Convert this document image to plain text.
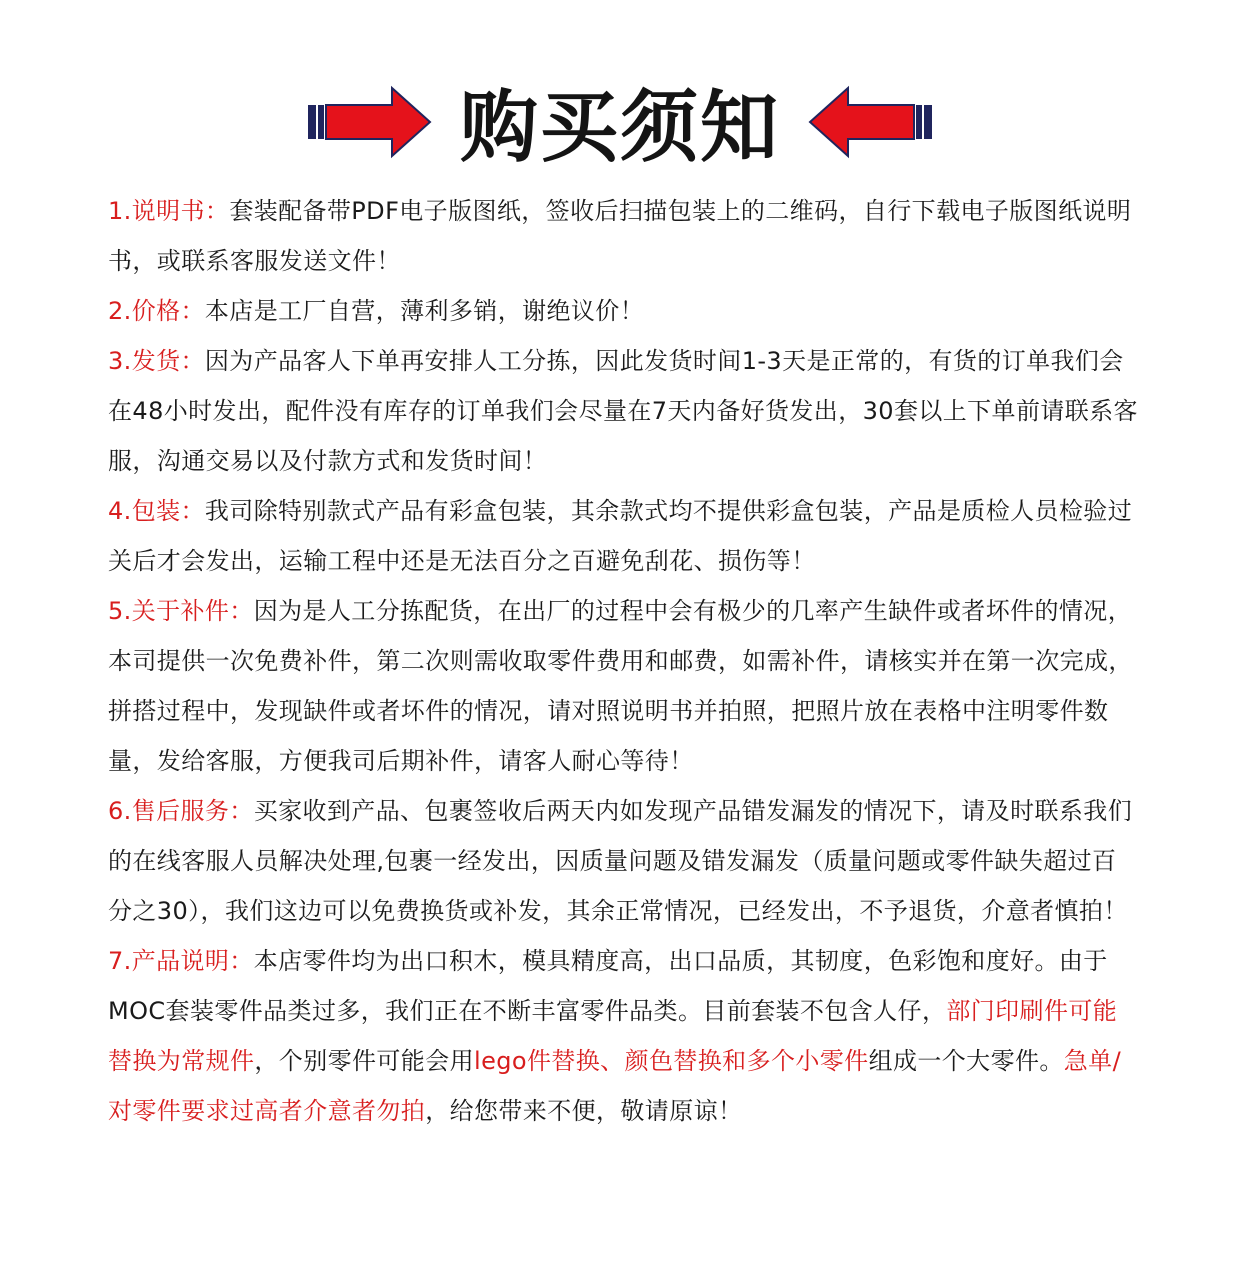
购买须知

1.说明书：套装配备带PDF电子版图纸，签收后扫描包装上的二维码，自行下载电子版图纸说明书，或联系客服发送文件！

2.价格：本店是工厂自营，薄利多销，谢绝议价！

3.发货：因为产品客人下单再安排人工分拣，因此发货时间1-3天是正常的，有货的订单我们会在48小时发出，配件没有库存的订单我们会尽量在7天内备好货发出，30套以上下单前请联系客服，沟通交易以及付款方式和发货时间！

4.包装：我司除特别款式产品有彩盒包装，其余款式均不提供彩盒包装，产品是质检人员检验过关后才会发出，运输工程中还是无法百分之百避免刮花、损伤等！

5.关于补件：因为是人工分拣配货，在出厂的过程中会有极少的几率产生缺件或者坏件的情况，本司提供一次免费补件，第二次则需收取零件费用和邮费，如需补件，请核实并在第一次完成，拼搭过程中，发现缺件或者坏件的情况，请对照说明书并拍照，把照片放在表格中注明零件数量，发给客服，方便我司后期补件，请客人耐心等待！

6.售后服务：买家收到产品、包裹签收后两天内如发现产品错发漏发的情况下，请及时联系我们的在线客服人员解决处理,包裹一经发出，因质量问题及错发漏发（质量问题或零件缺失超过百分之30），我们这边可以免费换货或补发，其余正常情况，已经发出，不予退货，介意者慎拍！

7.产品说明：本店零件均为出口积木，模具精度高，出口品质，其韧度，色彩饱和度好。由于MOC套装零件品类过多，我们正在不断丰富零件品类。目前套装不包含人仔，部门印刷件可能替换为常规件，个别零件可能会用lego件替换、颜色替换和多个小零件组成一个大零件。急单/对零件要求过高者介意者勿拍，给您带来不便，敬请原谅！
